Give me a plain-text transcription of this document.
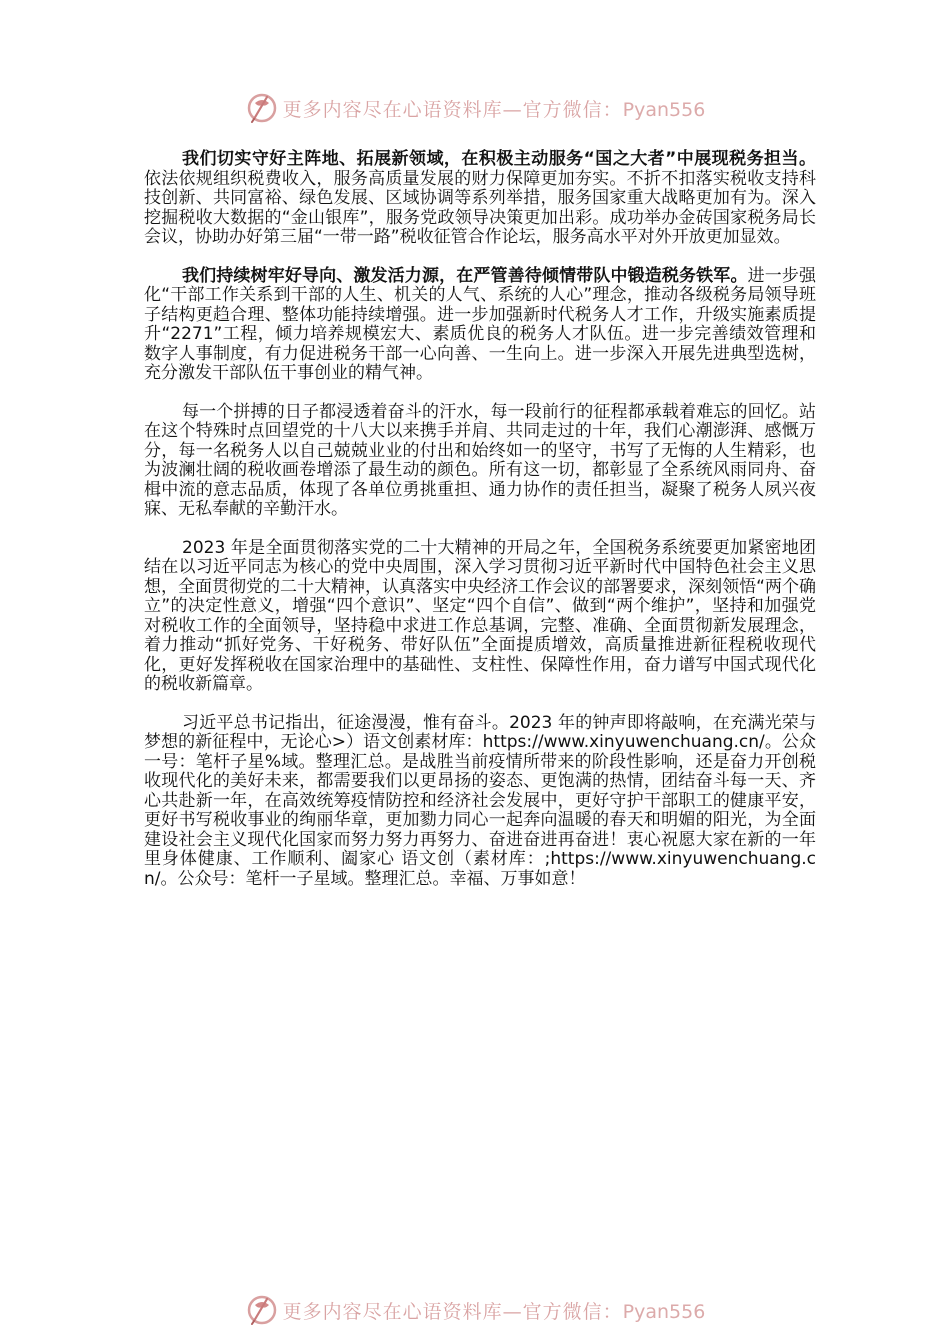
更多内容尽在心语资料库—官方微信：Pyan556

我们切实守好主阵地、拓展新领域，在积极主动服务“国之大者”中展现税务担当。依法依规组织税费收入，服务高质量发展的财力保障更加夯实。不折不扣落实税收支持科技创新、共同富裕、绿色发展、区域协调等系列举措，服务国家重大战略更加有为。深入挖掘税收大数据的“金山银库”，服务党政领导决策更加出彩。成功举办金砖国家税务局长会议，协助办好第三届“一带一路”税收征管合作论坛，服务高水平对外开放更加显效。

我们持续树牢好导向、激发活力源，在严管善待倾情带队中锻造税务铁军。进一步强化“干部工作关系到干部的人生、机关的人气、系统的人心”理念，推动各级税务局领导班子结构更趋合理、整体功能持续增强。进一步加强新时代税务人才工作，升级实施素质提升“2271”工程，倾力培养规模宏大、素质优良的税务人才队伍。进一步完善绩效管理和数字人事制度，有力促进税务干部一心向善、一生向上。进一步深入开展先进典型选树，充分激发干部队伍干事创业的精气神。

每一个拼搏的日子都浸透着奋斗的汗水，每一段前行的征程都承载着难忘的回忆。站在这个特殊时点回望党的十八大以来携手并肩、共同走过的十年，我们心潮澎湃、感慨万分，每一名税务人以自己兢兢业业的付出和始终如一的坚守，书写了无悔的人生精彩，也为波澜壮阔的税收画卷增添了最生动的颜色。所有这一切，都彰显了全系统风雨同舟、奋楫中流的意志品质，体现了各单位勇挑重担、通力协作的责任担当，凝聚了税务人夙兴夜寐、无私奉献的辛勤汗水。

2023 年是全面贯彻落实党的二十大精神的开局之年，全国税务系统要更加紧密地团结在以习近平同志为核心的党中央周围，深入学习贯彻习近平新时代中国特色社会主义思想，全面贯彻党的二十大精神，认真落实中央经济工作会议的部署要求，深刻领悟“两个确立”的决定性意义，增强“四个意识”、坚定“四个自信”、做到“两个维护”，坚持和加强党对税收工作的全面领导，坚持稳中求进工作总基调，完整、准确、全面贯彻新发展理念，着力推动“抓好党务、干好税务、带好队伍”全面提质增效，高质量推进新征程税收现代化，更好发挥税收在国家治理中的基础性、支柱性、保障性作用，奋力谱写中国式现代化的税收新篇章。

习近平总书记指出，征途漫漫，惟有奋斗。2023 年的钟声即将敲响，在充满光荣与梦想的新征程中，无论心>）语文创素材库：https://www.xinyuwenchuang.cn/。公众一号：笔杆子星%域。整理汇总。是战胜当前疫情所带来的阶段性影响，还是奋力开创税收现代化的美好未来，都需要我们以更昂扬的姿态、更饱满的热情，团结奋斗每一天、齐心共赴新一年，在高效统筹疫情防控和经济社会发展中，更好守护干部职工的健康平安，更好书写税收事业的绚丽华章，更加勠力同心一起奔向温暖的春天和明媚的阳光，为全面建设社会主义现代化国家而努力努力再努力、奋进奋进再奋进！衷心祝愿大家在新的一年里身体健康、工作顺利、阖家心 语文创（素材库：;https://www.xinyuwenchuang.cn/。公众号：笔杆一子星域。整理汇总。幸福、万事如意！

更多内容尽在心语资料库—官方微信：Pyan556
